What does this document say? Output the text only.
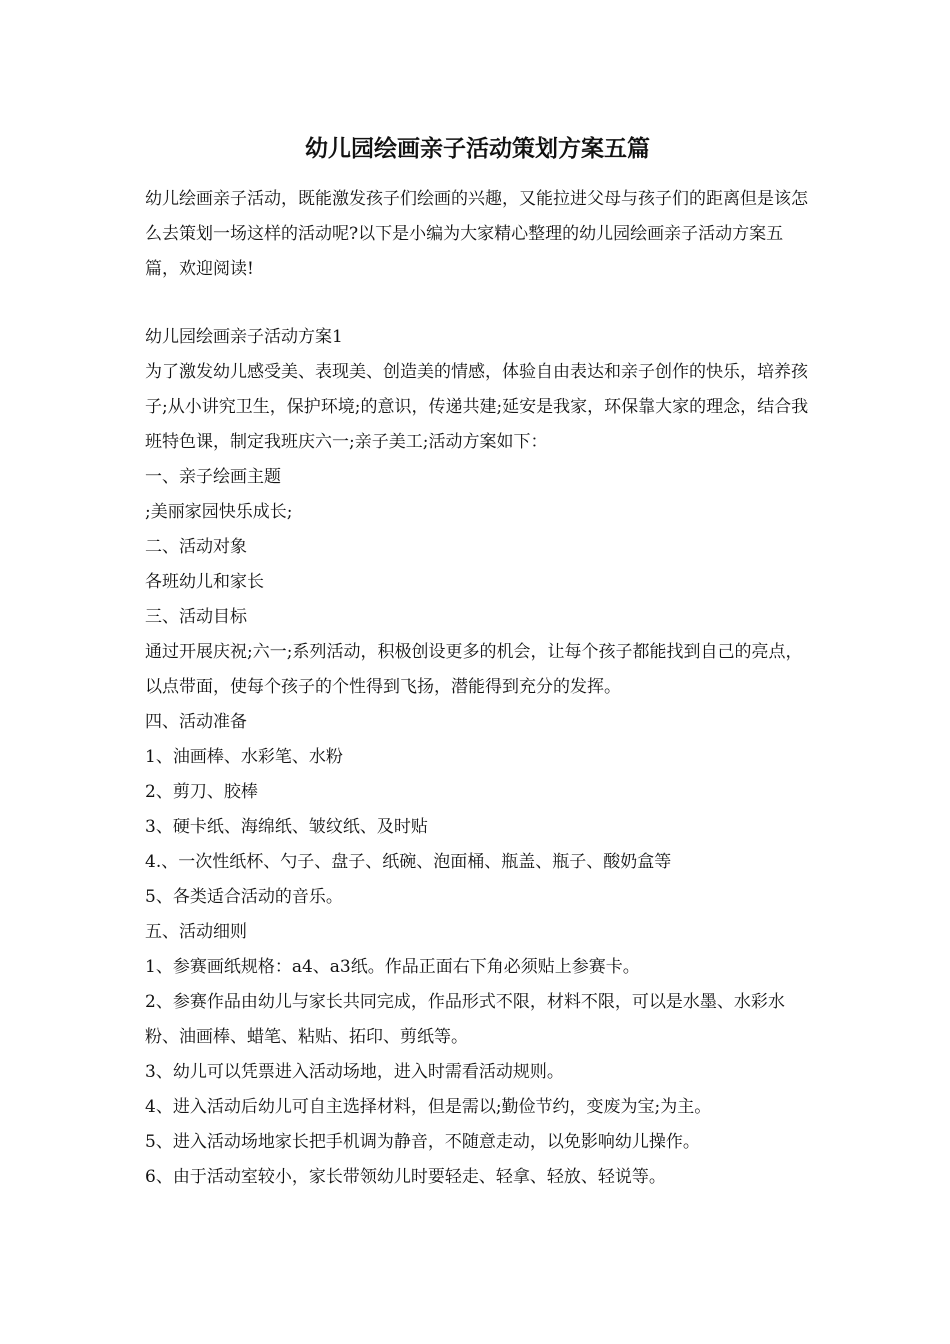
幼儿园绘画亲子活动策划方案五篇

幼儿绘画亲子活动，既能激发孩子们绘画的兴趣，又能拉进父母与孩子们的距离但是该怎么去策划一场这样的活动呢?以下是小编为大家精心整理的幼儿园绘画亲子活动方案五篇，欢迎阅读!

幼儿园绘画亲子活动方案1

为了激发幼儿感受美、表现美、创造美的情感，体验自由表达和亲子创作的快乐，培养孩子;从小讲究卫生，保护环境;的意识，传递共建;延安是我家，环保靠大家的理念，结合我班特色课，制定我班庆六一;亲子美工;活动方案如下：

一、亲子绘画主题

;美丽家园快乐成长;

二、活动对象

各班幼儿和家长

三、活动目标

通过开展庆祝;六一;系列活动，积极创设更多的机会，让每个孩子都能找到自己的亮点，以点带面，使每个孩子的个性得到飞扬，潜能得到充分的发挥。

四、活动准备

1、油画棒、水彩笔、水粉

2、剪刀、胶棒

3、硬卡纸、海绵纸、皱纹纸、及时贴

4.、一次性纸杯、勺子、盘子、纸碗、泡面桶、瓶盖、瓶子、酸奶盒等

5、各类适合活动的音乐。

五、活动细则

1、参赛画纸规格：a4、a3纸。作品正面右下角必须贴上参赛卡。

2、参赛作品由幼儿与家长共同完成，作品形式不限，材料不限，可以是水墨、水彩水粉、油画棒、蜡笔、粘贴、拓印、剪纸等。

3、幼儿可以凭票进入活动场地，进入时需看活动规则。

4、进入活动后幼儿可自主选择材料，但是需以;勤俭节约，变废为宝;为主。

5、进入活动场地家长把手机调为静音，不随意走动，以免影响幼儿操作。

6、由于活动室较小，家长带领幼儿时要轻走、轻拿、轻放、轻说等。
